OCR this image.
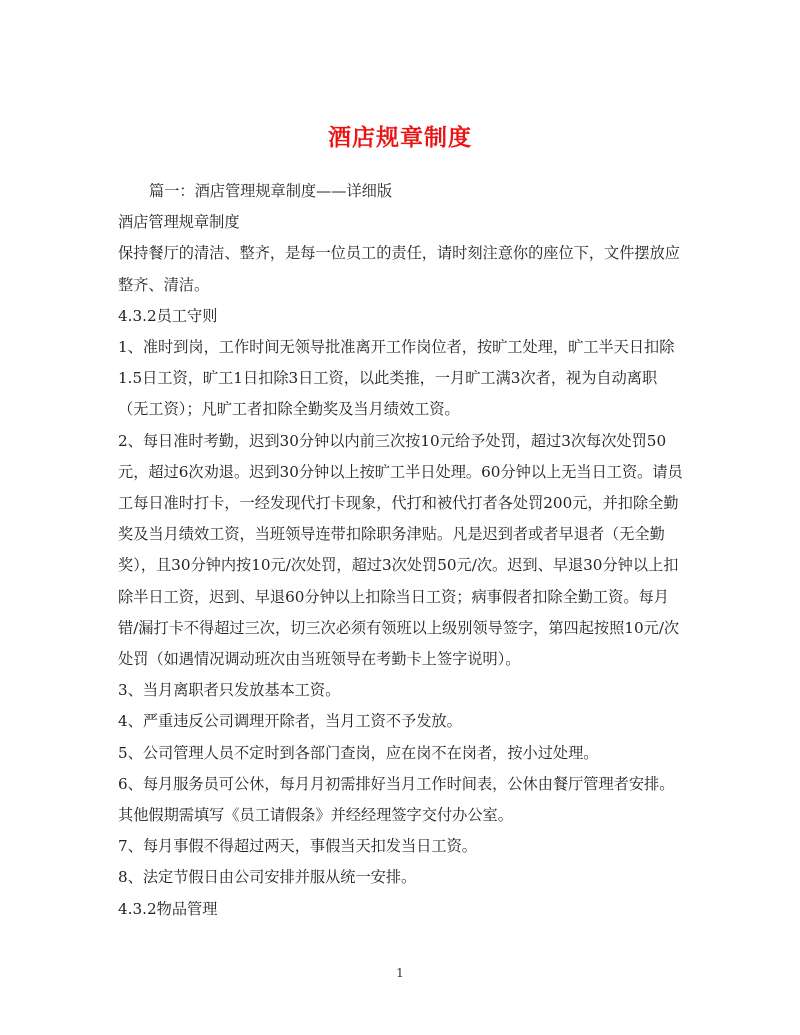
酒店规章制度

篇一：酒店管理规章制度——详细版

酒店管理规章制度

保持餐厅的清洁、整齐，是每一位员工的责任，请时刻注意你的座位下，文件摆放应整齐、清洁。

4.3.2员工守则

1、准时到岗，工作时间无领导批准离开工作岗位者，按旷工处理，旷工半天日扣除1.5日工资，旷工1日扣除3日工资，以此类推，一月旷工满3次者，视为自动离职（无工资）；凡旷工者扣除全勤奖及当月绩效工资。

2、每日准时考勤，迟到30分钟以内前三次按10元给予处罚，超过3次每次处罚50元，超过6次劝退。迟到30分钟以上按旷工半日处理。60分钟以上无当日工资。请员工每日准时打卡，一经发现代打卡现象，代打和被代打者各处罚200元，并扣除全勤奖及当月绩效工资，当班领导连带扣除职务津贴。凡是迟到者或者早退者（无全勤奖），且30分钟内按10元/次处罚，超过3次处罚50元/次。迟到、早退30分钟以上扣除半日工资，迟到、早退60分钟以上扣除当日工资；病事假者扣除全勤工资。每月错/漏打卡不得超过三次，切三次必须有领班以上级别领导签字，第四起按照10元/次处罚（如遇情况调动班次由当班领导在考勤卡上签字说明）。

3、当月离职者只发放基本工资。

4、严重违反公司调理开除者，当月工资不予发放。

5、公司管理人员不定时到各部门查岗，应在岗不在岗者，按小过处理。

6、每月服务员可公休，每月月初需排好当月工作时间表，公休由餐厅管理者安排。其他假期需填写《员工请假条》并经经理签字交付办公室。

7、每月事假不得超过两天，事假当天扣发当日工资。

8、法定节假日由公司安排并服从统一安排。

4.3.2物品管理

1
